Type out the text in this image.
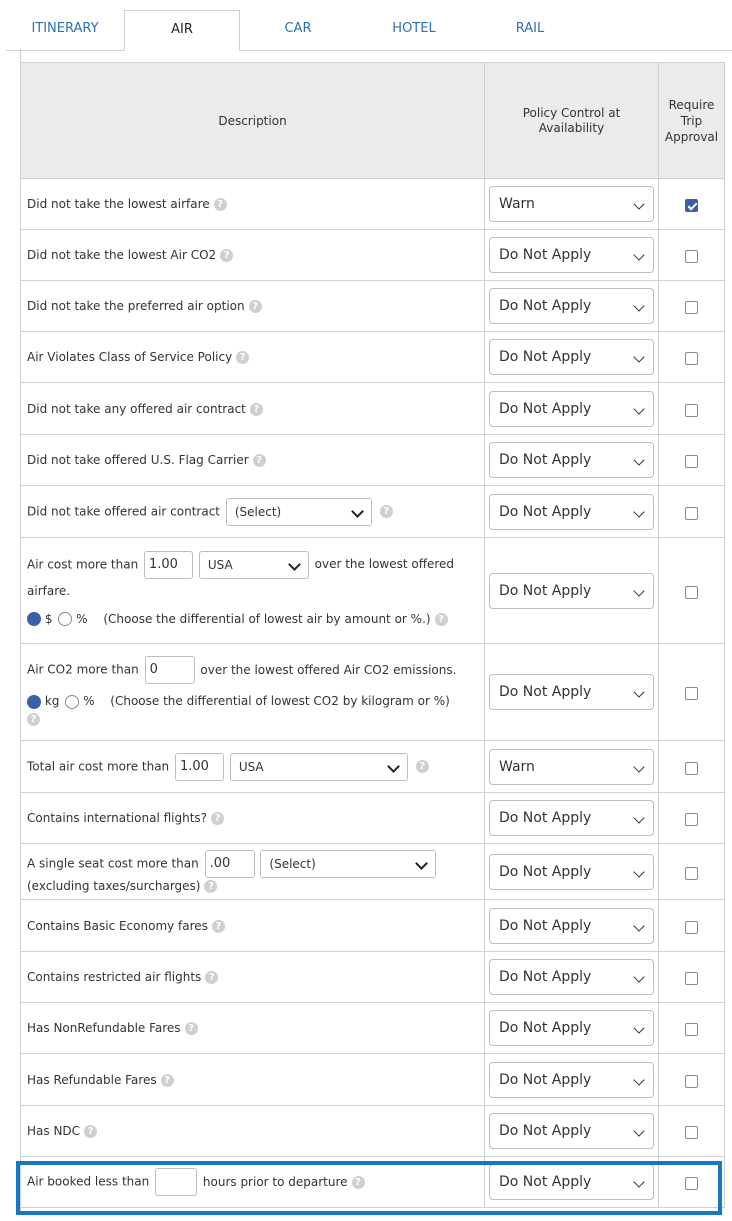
ITINERARY	AIR	CAR	HOTEL	RAIL
Description	Policy Control at Availability	Require Trip Approval

Did not take the lowest airfare ?	Warn	

Did not take the lowest Air CO2 ?	Do Not Apply	

Did not take the preferred air option ?	Do Not Apply	

Air Violates Class of Service Policy ?	Do Not Apply	

Did not take any offered air contract ?	Do Not Apply	

Did not take offered U.S. Flag Carrier ?	Do Not Apply	

Did not take offered air contract (Select) ?	Do Not Apply	

Air cost more than 1.00 USA over the lowest offered
airfare.
$ % (Choose the differential of lowest air by amount or %.) ?	Do Not Apply	

Air CO2 more than 0 over the lowest offered Air CO2 emissions.
kg % (Choose the differential of lowest CO2 by kilogram or %)
?	Do Not Apply	

Total air cost more than 1.00 USA ?	Warn	

Contains international flights? ?	Do Not Apply	

A single seat cost more than .00 (Select)
(excluding taxes/surcharges) ?	Do Not Apply	

Contains Basic Economy fares ?	Do Not Apply	

Contains restricted air flights ?	Do Not Apply	

Has NonRefundable Fares ?	Do Not Apply	

Has Refundable Fares ?	Do Not Apply	

Has NDC ?	Do Not Apply	

Air booked less than hours prior to departure ?	Do Not Apply	
